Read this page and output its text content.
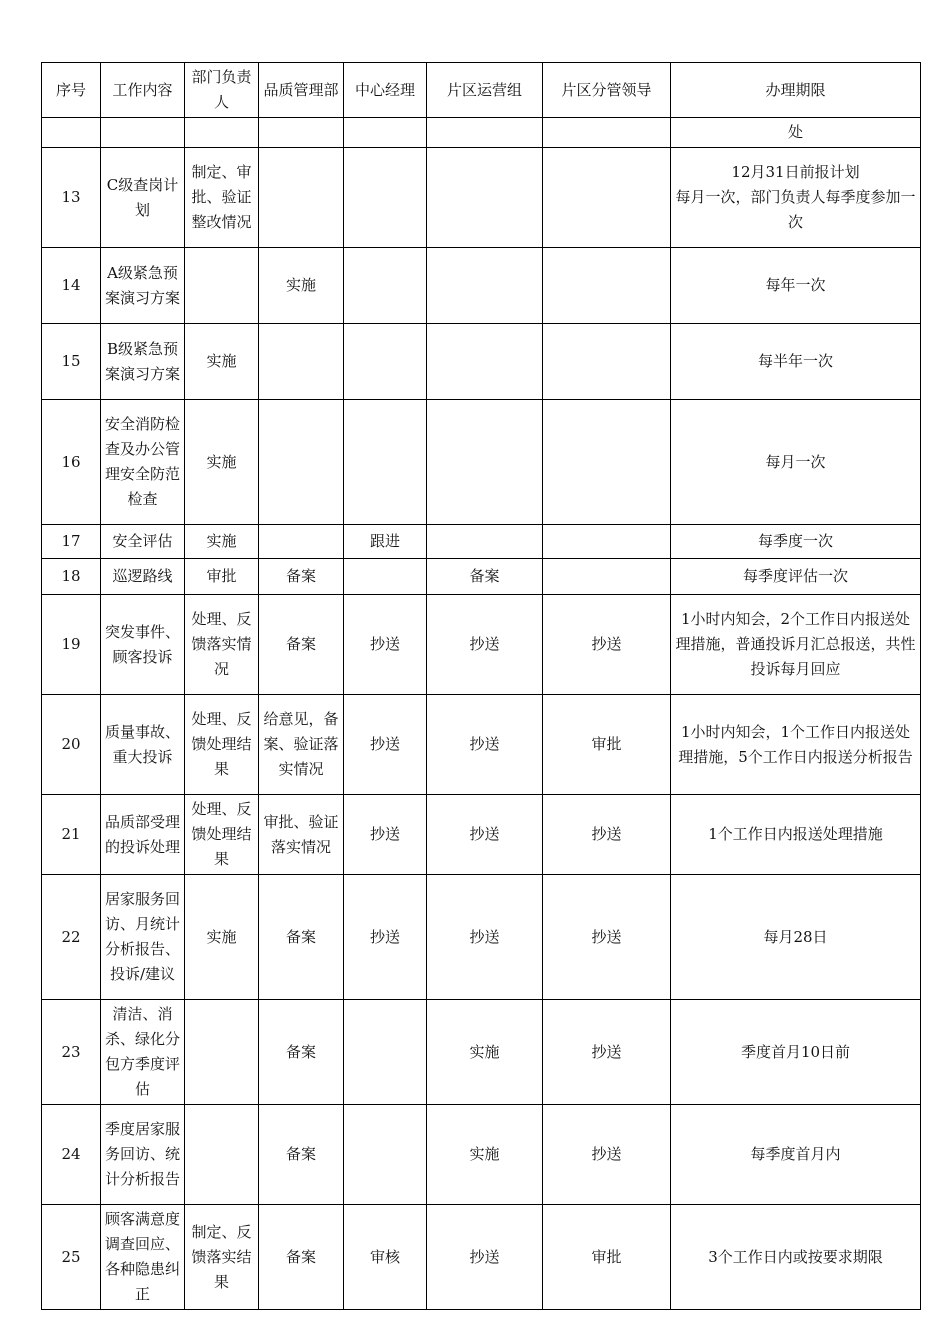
序号	工作内容	部门负责人	品质管理部	中心经理	片区运营组	片区分管领导	办理期限
							处
13	C级查岗计划	制定、审批、验证整改情况					12月31日前报计划
每月一次，部门负责人每季度参加一次
14	A级紧急预案演习方案		实施				每年一次
15	B级紧急预案演习方案	实施					每半年一次
16	安全消防检查及办公管理安全防范检查	实施					每月一次
17	安全评估	实施		跟进			每季度一次
18	巡逻路线	审批	备案		备案		每季度评估一次
19	突发事件、顾客投诉	处理、反馈落实情况	备案	抄送	抄送	抄送	1小时内知会，2个工作日内报送处理措施，普通投诉月汇总报送，共性投诉每月回应
20	质量事故、重大投诉	处理、反馈处理结果	给意见，备案、验证落实情况	抄送	抄送	审批	1小时内知会，1个工作日内报送处理措施，5个工作日内报送分析报告
21	品质部受理的投诉处理	处理、反馈处理结果	审批、验证落实情况	抄送	抄送	抄送	1个工作日内报送处理措施
22	居家服务回访、月统计分析报告、投诉/建议	实施	备案	抄送	抄送	抄送	每月28日
23	清洁、消杀、绿化分包方季度评估		备案		实施	抄送	季度首月10日前
24	季度居家服务回访、统计分析报告		备案		实施	抄送	每季度首月内
25	顾客满意度调查回应、各种隐患纠正	制定、反馈落实结果	备案	审核	抄送	审批	3个工作日内或按要求期限
